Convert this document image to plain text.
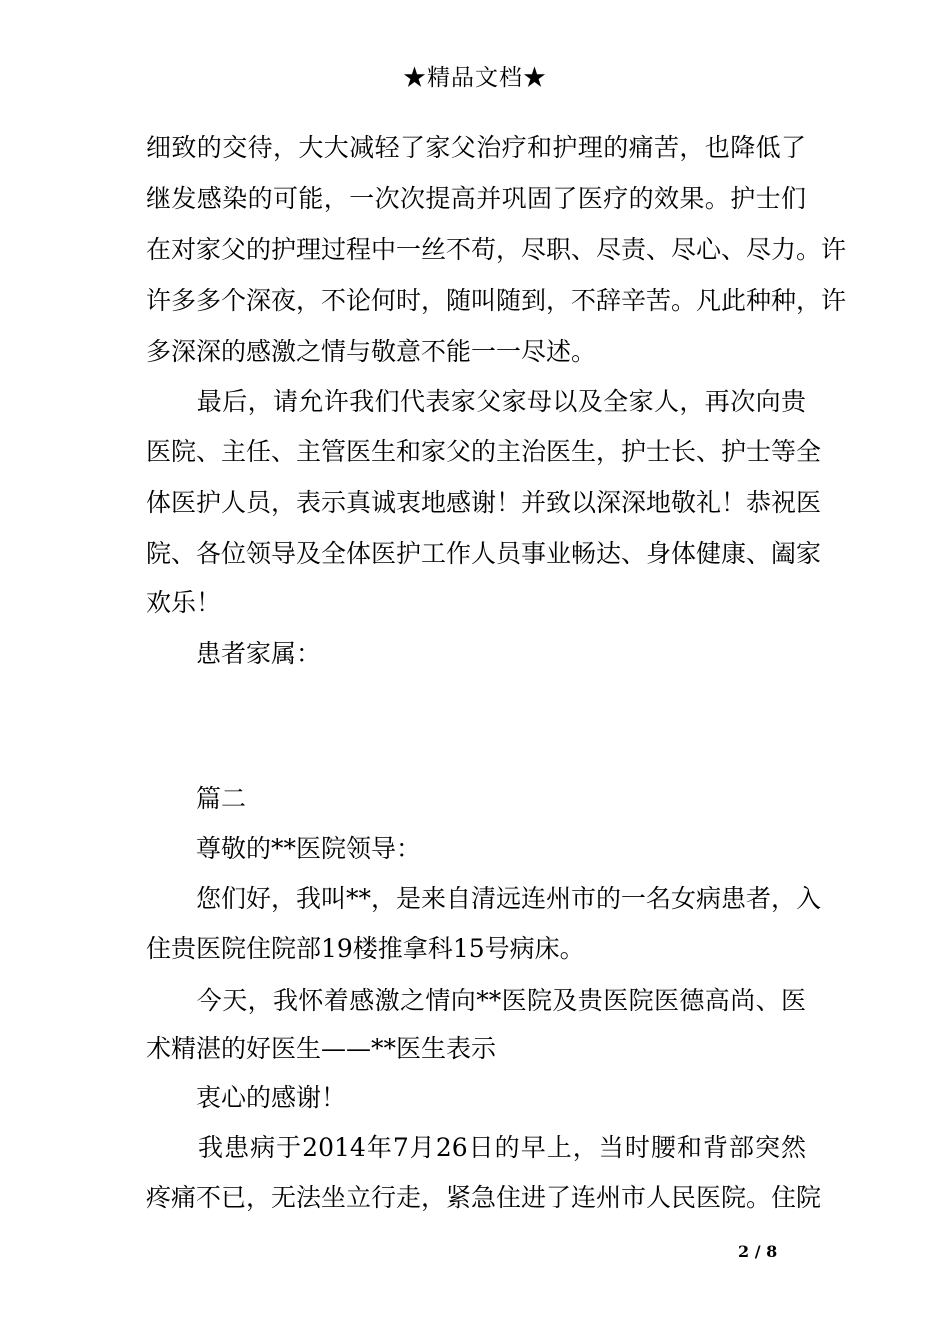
★精品文档★
细致的交待，大大减轻了家父治疗和护理的痛苦，也降低了
继发感染的可能，一次次提高并巩固了医疗的效果。护士们
在对家父的护理过程中一丝不苟，尽职、尽责、尽心、尽力。许
许多多个深夜，不论何时，随叫随到，不辞辛苦。凡此种种，许
多深深的感激之情与敬意不能一一尽述。
　　最后，请允许我们代表家父家母以及全家人，再次向贵
医院、主任、主管医生和家父的主治医生，护士长、护士等全
体医护人员，表示真诚衷地感谢！并致以深深地敬礼！恭祝医
院、各位领导及全体医护工作人员事业畅达、身体健康、阖家
欢乐！
　　患者家属：
　　篇二
　　尊敬的**医院领导：
　　您们好，我叫**，是来自清远连州市的一名女病患者，入
住贵医院住院部19楼推拿科15号病床。
　　今天，我怀着感激之情向**医院及贵医院医德高尚、医
术精湛的好医生——**医生表示
　　衷心的感谢！
　　我患病于2014年7月26日的早上，当时腰和背部突然
疼痛不已，无法坐立行走，紧急住进了连州市人民医院。住院
2 / 8
